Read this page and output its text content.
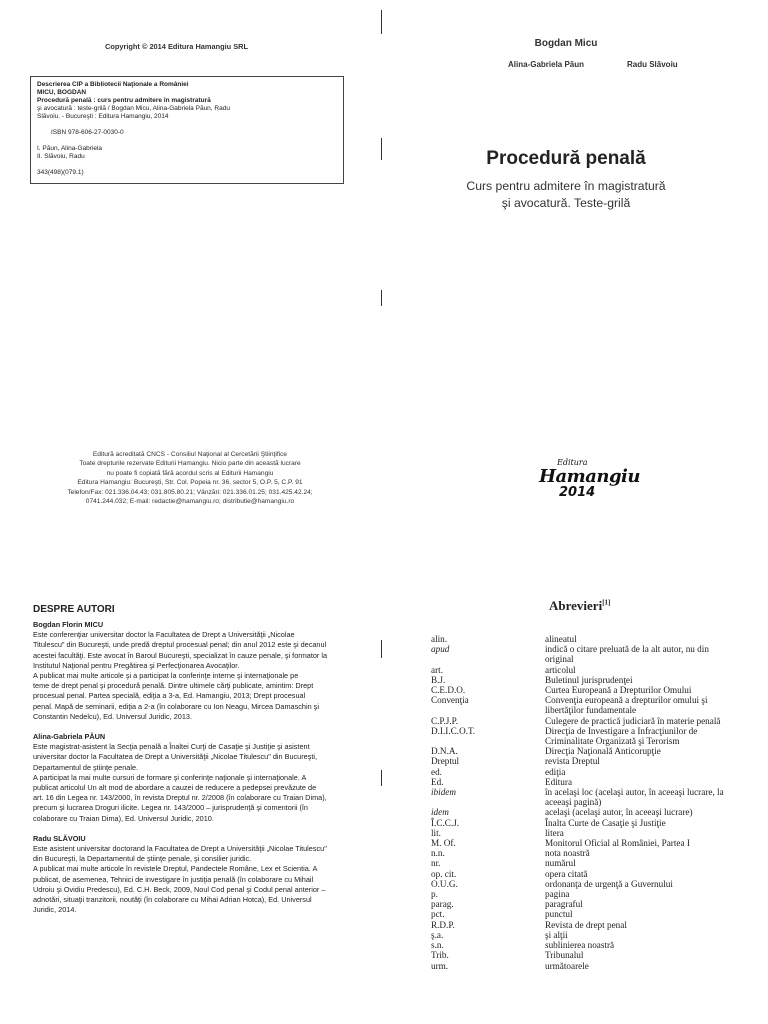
Copyright © 2014 Editura Hamangiu SRL
Descrierea CIP a Bibliotecii Naţionale a României
MICU, BOGDAN
Procedură penală : curs pentru admitere în magistratură
şi avocatură : teste-grilă / Bogdan Micu, Alina-Gabriela Păun, Radu
Slăvoiu. - Bucureşti : Editura Hamangiu, 2014

ISBN 978-606-27-0030-0

I. Păun, Alina-Gabriela
II. Slăvoiu, Radu

343(498)(079.1)
Editură acreditată CNCS - Consiliul Naţional al Cercetării Ştiinţifice
Toate drepturile rezervate Editurii Hamangiu. Nicio parte din această lucrare
nu poate fi copiată fără acordul scris al Editurii Hamangiu
Editura Hamangiu: Bucureşti, Str. Col. Popeia nr. 36, sector 5, O.P. 5, C.P. 91
Telefon/Fax: 021.336.04.43; 031.805.80.21; Vânzări: 021.336.01.25; 031.425.42.24;
0741.244.032; E-mail: redactie@hamangiu.ro; distributie@hamangiu.ro
Bogdan Micu
Alina-Gabriela Păun	Radu Slăvoiu
Procedură penală
Curs pentru admitere în magistratură
şi avocatură. Teste-grilă
Editura
Hamangiu
2014
DESPRE AUTORI
Bogdan Florin MICU
Este conferenţiar universitar doctor la Facultatea de Drept a Universităţii „Nicolae
Titulescu" din Bucureşti, unde predă dreptul procesual penal; din anul 2012 este şi decanul
acestei facultăţi. Este avocat în Baroul Bucureşti, specializat în cauze penale, şi formator la
Institutul Naţional pentru Pregătirea şi Perfecţionarea Avocaţilor.
A publicat mai multe articole şi a participat la conferinţe interne şi internaţionale pe
teme de drept penal şi procedură penală. Dintre ultimele cărţi publicate, amintim: Drept
procesual penal. Partea specială, ediţia a 3-a, Ed. Hamangiu, 2013; Drept procesual
penal. Mapă de seminarii, ediţia a 2-a (în colaborare cu Ion Neagu, Mircea Damaschin şi
Constantin Nedelcu), Ed. Universul Juridic, 2013.
Alina-Gabriela PĂUN
Este magistrat-asistent la Secţia penală a Înaltei Curţi de Casaţie şi Justiţie şi asistent
universitar doctor la Facultatea de Drept a Universităţii „Nicolae Titulescu" din Bucureşti,
Departamentul de ştiinţe penale.
A participat la mai multe cursuri de formare şi conferinţe naţionale şi internaţionale. A
publicat articolul Un alt mod de abordare a cauzei de reducere a pedepsei prevăzute de
art. 16 din Legea nr. 143/2000, în revista Dreptul nr. 2/2008 (în colaborare cu Traian Dima),
precum şi lucrarea Droguri ilicite. Legea nr. 143/2000 – jurisprudenţă şi comentorii (în
colaborare cu Traian Dima), Ed. Universul Juridic, 2010.
Radu SLĂVOIU
Este asistent universitar doctorand la Facultatea de Drept a Universităţii „Nicolae Titulescu"
din Bucureşti, la Departamentul de ştiinţe penale, şi consilier juridic.
A publicat mai multe articole în revistele Dreptul, Pandectele Române, Lex et Scientia. A
publicat, de asemenea, Tehnici de investigare în justiţia penală (în colaborare cu Mihail
Udroiu şi Ovidiu Predescu), Ed. C.H. Beck, 2009, Noul Cod penal şi Codul penal anterior –
adnotări, situaţii tranzitorii, noutăţi (în colaborare cu Mihai Adrian Hotca), Ed. Universul
Juridic, 2014.
Abrevieri[1]
alin.	alineatul
apud	indică o citare preluată de la alt autor, nu din
original
art.	articolul
B.J.	Buletinul jurisprudenţei
C.E.D.O.	Curtea Europeană a Drepturilor Omului
Convenţia	Convenţia europeană a drepturilor omului şi
libertăţilor fundamentale
C.P.J.P.	Culegere de practică judiciară în materie penală
D.I.I.C.O.T.	Direcţia de Investigare a Infracţiunilor de
Criminalitate Organizată şi Terorism
D.N.A.	Direcţia Naţională Anticorupţie
Dreptul	revista Dreptul
ed.	ediţia
Ed.	Editura
ibidem	în acelaşi loc (acelaşi autor, în aceeaşi lucrare, la
aceeaşi pagină)
idem	acelaşi (acelaşi autor, în aceeaşi lucrare)
Î.C.C.J.	Înalta Curte de Casaţie şi Justiţie
lit.	litera
M. Of.	Monitorul Oficial al României, Partea I
n.n.	nota noastră
nr.	numărul
op. cit.	opera citată
O.U.G.	ordonanţa de urgenţă a Guvernului
p.	pagina
parag.	paragraful
pct.	punctul
R.D.P.	Revista de drept penal
ş.a.	şi alţii
s.n.	sublinierea noastră
Trib.	Tribunalul
urm.	următoarele
